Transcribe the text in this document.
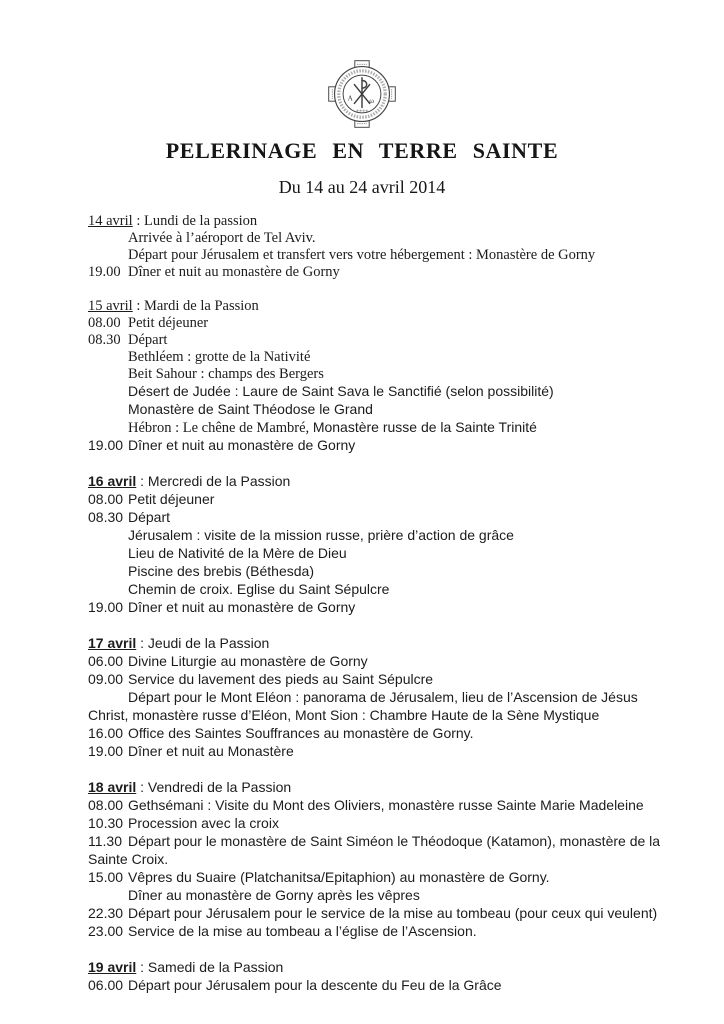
Α ω
PELERINAGE EN TERRE SAINTE
Du 14 au 24 avril 2014
14 avril : Lundi de la passion
Arrivée à l’aéroport de Tel Aviv.
Départ pour Jérusalem et transfert vers votre hébergement : Monastère de Gorny
19.00 Dîner et nuit au monastère de Gorny
15 avril : Mardi de la Passion
08.00 Petit déjeuner
08.30 Départ
Bethléem : grotte de la Nativité
Beit Sahour : champs des Bergers
Désert de Judée : Laure de Saint Sava le Sanctifié (selon possibilité)
Monastère de Saint Théodose le Grand
Hébron : Le chêne de Mambré, Monastère russe de la Sainte Trinité
19.00 Dîner et nuit au monastère de Gorny
16 avril : Mercredi de la Passion
08.00 Petit déjeuner
08.30 Départ
Jérusalem : visite de la mission russe, prière d’action de grâce
Lieu de Nativité de la Mère de Dieu
Piscine des brebis (Béthesda)
Chemin de croix. Eglise du Saint Sépulcre
19.00 Dîner et nuit au monastère de Gorny
17 avril : Jeudi de la Passion
06.00 Divine Liturgie au monastère de Gorny
09.00 Service du lavement des pieds au Saint Sépulcre
Départ pour le Mont Eléon : panorama de Jérusalem, lieu de l’Ascension de Jésus
Christ, monastère russe d’Eléon, Mont Sion : Chambre Haute de la Sène Mystique
16.00 Office des Saintes Souffrances au monastère de Gorny.
19.00 Dîner et nuit au Monastère
18 avril : Vendredi de la Passion
08.00 Gethsémani : Visite du Mont des Oliviers, monastère russe Sainte Marie Madeleine
10.30 Procession avec la croix
11.30 Départ pour le monastère de Saint Siméon le Théodoque (Katamon), monastère de la
Sainte Croix.
15.00 Vêpres du Suaire (Platchanitsa/Epitaphion) au monastère de Gorny.
Dîner au monastère de Gorny après les vêpres
22.30 Départ pour Jérusalem pour le service de la mise au tombeau (pour ceux qui veulent)
23.00 Service de la mise au tombeau a l’église de l’Ascension.
19 avril : Samedi de la Passion
06.00 Départ pour Jérusalem pour la descente du Feu de la Grâce
